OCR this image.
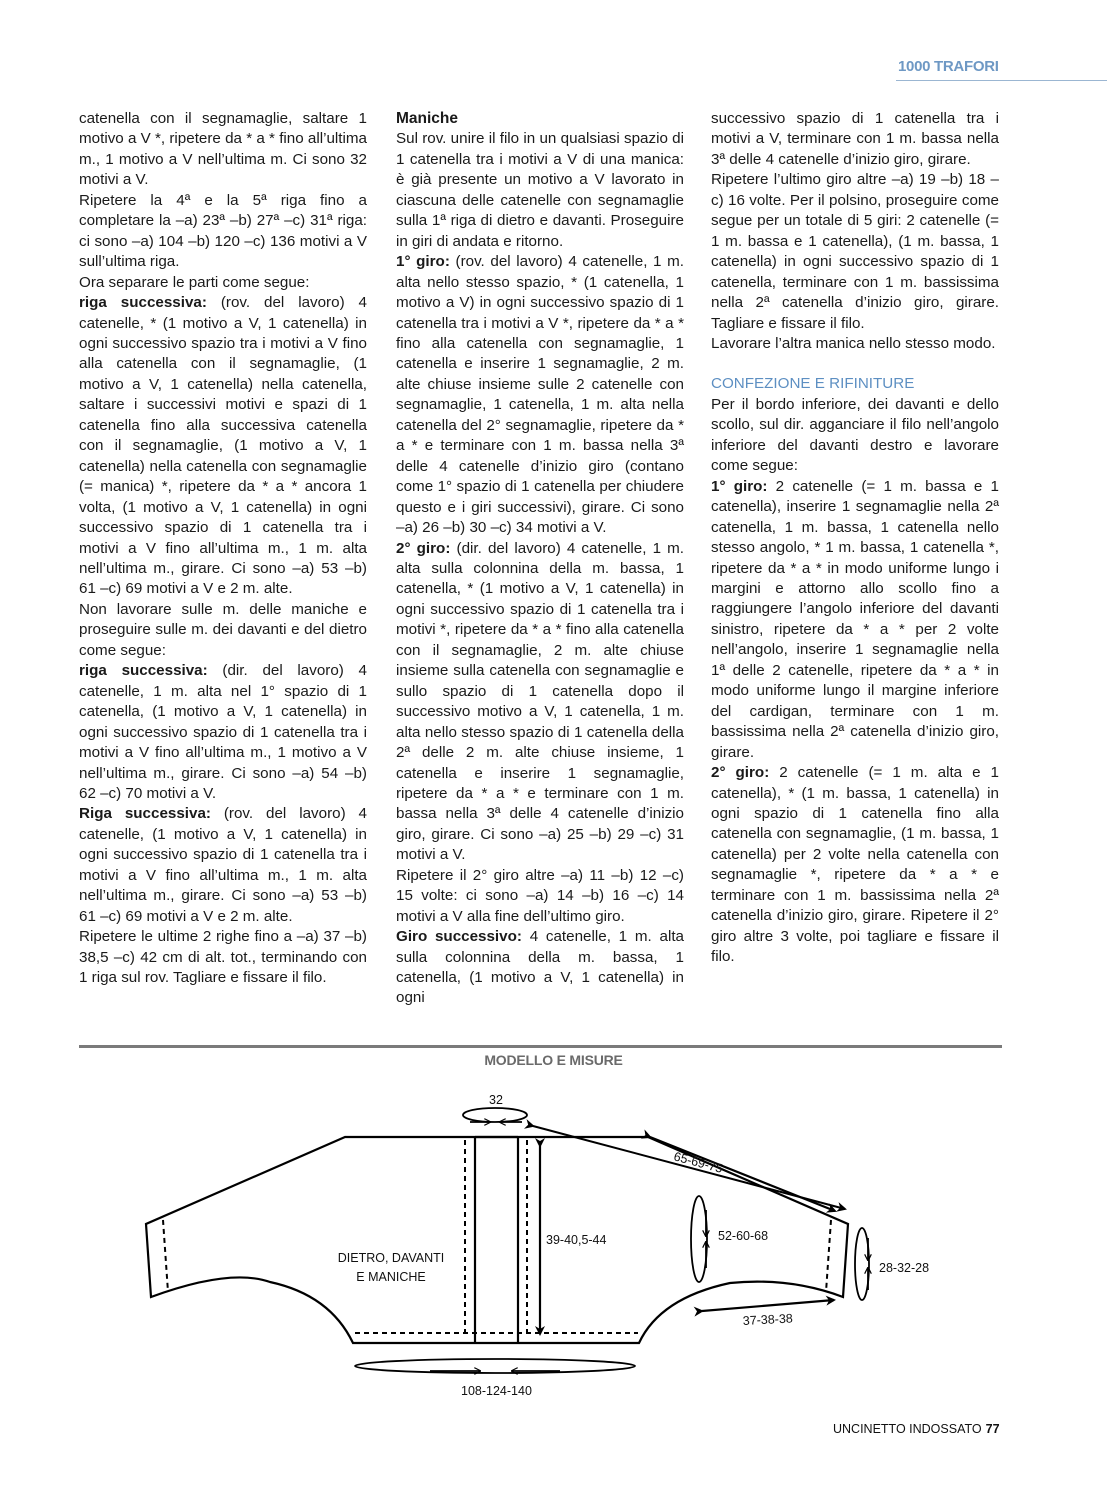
1000 TRAFORI

catenella con il segnamaglie, saltare 1 motivo a V *, ripetere da * a * fino all’ultima m., 1 motivo a V nell’ultima m. Ci sono 32 motivi a V.

Ripetere la 4ª e la 5ª riga fino a completare la –a) 23ª –b) 27ª –c) 31ª riga: ci sono –a) 104 –b) 120 –c) 136 motivi a V sull’ultima riga.

Ora separare le parti come segue:

riga successiva: (rov. del lavoro) 4 catenelle, * (1 motivo a V, 1 catenella) in ogni successivo spazio tra i motivi a V fino alla catenella con il segnamaglie, (1 motivo a V, 1 catenella) nella catenella, saltare i successivi motivi e spazi di 1 catenella fino alla successiva catenella con il segnamaglie, (1 motivo a V, 1 catenella) nella catenella con segnamaglie (= manica) *, ripetere da * a * ancora 1 volta, (1 motivo a V, 1 catenella) in ogni successivo spazio di 1 catenella tra i motivi a V fino all’ultima m., 1 m. alta nell’ultima m., girare. Ci sono –a) 53 –b) 61 –c) 69 motivi a V e 2 m. alte.

Non lavorare sulle m. delle maniche e proseguire sulle m. dei davanti e del dietro come segue:

riga successiva: (dir. del lavoro) 4 catenelle, 1 m. alta nel 1° spazio di 1 catenella, (1 motivo a V, 1 catenella) in ogni successivo spazio di 1 catenella tra i motivi a V fino all’ultima m., 1 motivo a V nell’ultima m., girare. Ci sono –a) 54 –b) 62 –c) 70 motivi a V.

Riga successiva: (rov. del lavoro) 4 catenelle, (1 motivo a V, 1 catenella) in ogni successivo spazio di 1 catenella tra i motivi a V fino all’ultima m., 1 m. alta nell’ultima m., girare. Ci sono –a) 53 –b) 61 –c) 69 motivi a V e 2 m. alte.

Ripetere le ultime 2 righe fino a –a) 37 –b) 38,5 –c) 42 cm di alt. tot., terminando con 1 riga sul rov. Tagliare e fissare il filo.

Maniche

Sul rov. unire il filo in un qualsiasi spazio di 1 catenella tra i motivi a V di una manica: è già presente un motivo a V lavorato in ciascuna delle catenelle con segnamaglie sulla 1ª riga di dietro e davanti. Proseguire in giri di andata e ritorno.

1° giro: (rov. del lavoro) 4 catenelle, 1 m. alta nello stesso spazio, * (1 catenella, 1 motivo a V) in ogni successivo spazio di 1 catenella tra i motivi a V *, ripetere da * a * fino alla catenella con segnamaglie, 1 catenella e inserire 1 segnamaglie, 2 m. alte chiuse insieme sulle 2 catenelle con segnamaglie, 1 catenella, 1 m. alta nella catenella del 2° segnamaglie, ripetere da * a * e terminare con 1 m. bassa nella 3ª delle 4 catenelle d’inizio giro (contano come 1° spazio di 1 catenella per chiudere questo e i giri successivi), girare. Ci sono –a) 26 –b) 30 –c) 34 motivi a V.

2° giro: (dir. del lavoro) 4 catenelle, 1 m. alta sulla colonnina della m. bassa, 1 catenella, * (1 motivo a V, 1 catenella) in ogni successivo spazio di 1 catenella tra i motivi *, ripetere da * a * fino alla catenella con il segnamaglie, 2 m. alte chiuse insieme sulla catenella con segnamaglie e sullo spazio di 1 catenella dopo il successivo motivo a V, 1 catenella, 1 m. alta nello stesso spazio di 1 catenella della 2ª delle 2 m. alte chiuse insieme, 1 catenella e inserire 1 segnamaglie, ripetere da * a * e terminare con 1 m. bassa nella 3ª delle 4 catenelle d’inizio giro, girare. Ci sono –a) 25 –b) 29 –c) 31 motivi a V.

Ripetere il 2° giro altre –a) 11 –b) 12 –c) 15 volte: ci sono –a) 14 –b) 16 –c) 14 motivi a V alla fine dell’ultimo giro.

Giro successivo: 4 catenelle, 1 m. alta sulla colonnina della m. bassa, 1 catenella, (1 motivo a V, 1 catenella) in ogni

successivo spazio di 1 catenella tra i motivi a V, terminare con 1 m. bassa nella 3ª delle 4 catenelle d’inizio giro, girare.

Ripetere l’ultimo giro altre –a) 19 –b) 18 –c) 16 volte. Per il polsino, proseguire come segue per un totale di 5 giri: 2 catenelle (= 1 m. bassa e 1 catenella), (1 m. bassa, 1 catenella) in ogni successivo spazio di 1 catenella, terminare con 1 m. bassissima nella 2ª catenella d’inizio giro, girare. Tagliare e fissare il filo.

Lavorare l’altra manica nello stesso modo.

CONFEZIONE E RIFINITURE

Per il bordo inferiore, dei davanti e dello scollo, sul dir. agganciare il filo nell’angolo inferiore del davanti destro e lavorare come segue:

1° giro: 2 catenelle (= 1 m. bassa e 1 catenella), inserire 1 segnamaglie nella 2ª catenella, 1 m. bassa, 1 catenella nello stesso angolo, * 1 m. bassa, 1 catenella *, ripetere da * a * in modo uniforme lungo i margini e attorno allo scollo fino a raggiungere l’angolo inferiore del davanti sinistro, ripetere da * a * per 2 volte nell’angolo, inserire 1 segnamaglie nella 1ª delle 2 catenelle, ripetere da * a * in modo uniforme lungo il margine inferiore del cardigan, terminare con 1 m. bassissima nella 2ª catenella d’inizio giro, girare.

2° giro: 2 catenelle (= 1 m. alta e 1 catenella), * (1 m. bassa, 1 catenella) in ogni spazio di 1 catenella fino alla catenella con segnamaglie, (1 m. bassa, 1 catenella) per 2 volte nella catenella con segnamaglie *, ripetere da * a * e terminare con 1 m. bassissima nella 2ª catenella d’inizio giro, girare. Ripetere il 2° giro altre 3 volte, poi tagliare e fissare il filo.

MODELLO E MISURE
32
65-69-75
39-40,5-44	52-60-68
28-32-28
37-38-38
108-124-140
DIETRO, DAVANTI
E MANICHE
UNCINETTO INDOSSATO 77
